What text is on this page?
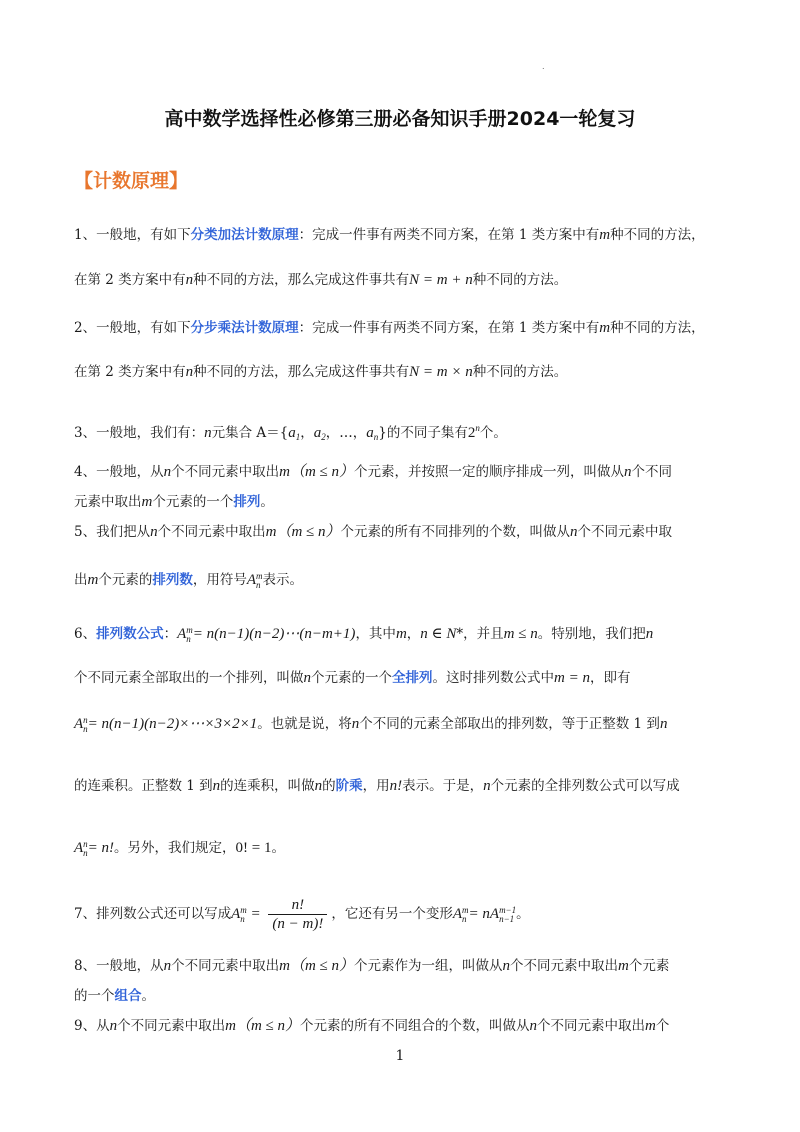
.
高中数学选择性必修第三册必备知识手册2024一轮复习
【计数原理】
1、一般地，有如下分类加法计数原理：完成一件事有两类不同方案，在第 1 类方案中有m种不同的方法，
在第 2 类方案中有n种不同的方法，那么完成这件事共有N = m + n种不同的方法。
2、一般地，有如下分步乘法计数原理：完成一件事有两类不同方案，在第 1 类方案中有m种不同的方法，
在第 2 类方案中有n种不同的方法，那么完成这件事共有N = m × n种不同的方法。
3、一般地，我们有：n元集合 $A=\{a_1$，$a_2$，…，$a_n$}的不同子集有2$^n$个。
4、一般地，从n个不同元素中取出m（m ≤ n）个元素，并按照一定的顺序排成一列，叫做从n个不同
元素中取出m个元素的一个排列。
5、我们把从n个不同元素中取出m（m ≤ n）个元素的所有不同排列的个数，叫做从n个不同元素中取
出m个元素的排列数，用符号A m
n 表示。
6、排列数公式：A m
n = n(n−1)(n−2)⋯(n−m+1)，其中m，n ∈ N*，并且m ≤ n。特别地，我们把n
个不同元素全部取出的一个排列，叫做n个元素的一个全排列。这时排列数公式中m = n，即有
A n
n = n(n−1)(n−2)×⋯×3×2×1。也就是说，将n个不同的元素全部取出的排列数，等于正整数 1 到n
的连乘积。正整数 1 到n的连乘积，叫做n的阶乘，用n!表示。于是，n个元素的全排列数公式可以写成
A n
n = n!。另外，我们规定，0! = 1。
7、排列数公式还可以写成A m
$n = \frac{n!}{(n - m)!}$ ，它还有另一个变形A m
n = nA m−1
n−1 。
8、一般地，从n个不同元素中取出m（m ≤ n）个元素作为一组，叫做从n个不同元素中取出m个元素
的一个组合。
9、从n个不同元素中取出m（m ≤ n）个元素的所有不同组合的个数，叫做从n个不同元素中取出m个
1
